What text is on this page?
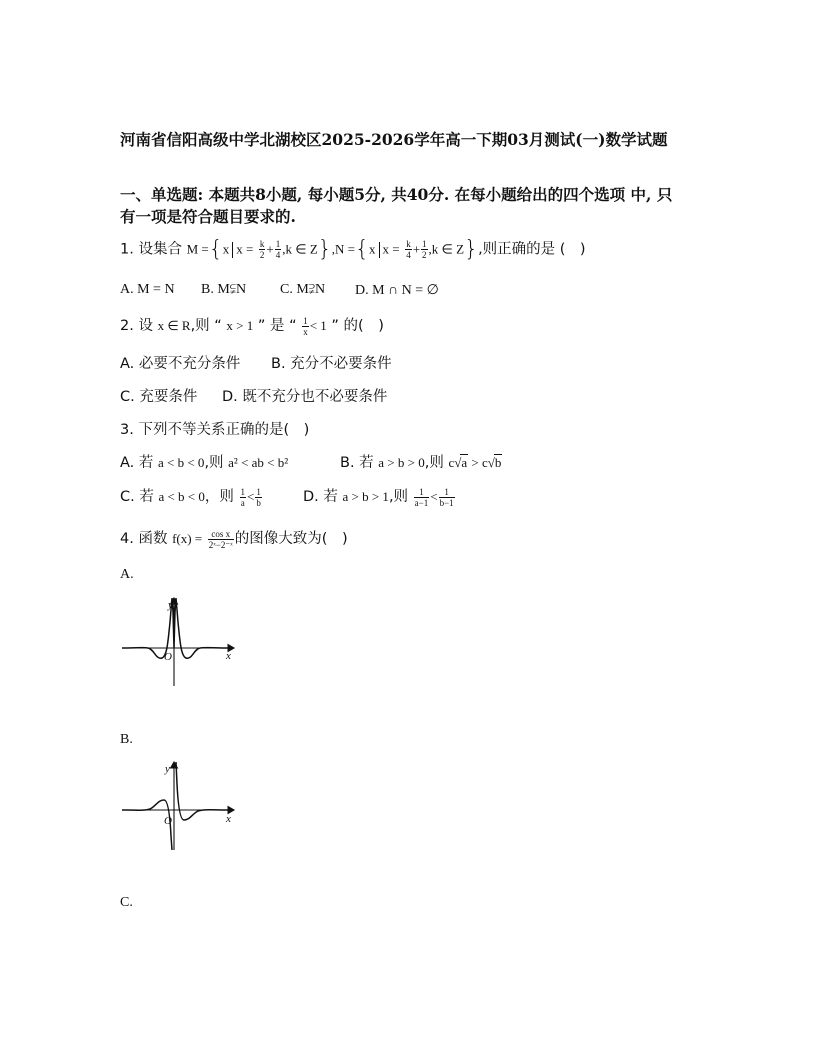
河南省信阳高级中学北湖校区2025-2026学年高一下期03月测试(一)数学试题
一、单选题: 本题共8小题, 每小题5分, 共40分. 在每小题给出的四个选项 中, 只
有一项是符合题目要求的.
1. 设集合 M ={x $x = \frac{k}{2} + \frac{1}{4} ,k$ ∈ Z},N ={x $x = \frac{k}{4} + \frac{1}{2} ,k$ ∈ Z},则正确的是 (　)
A. M = N B. M⫋N C. M⫌N D. M ∩ N = ∅
2. 设 x ∈ R,则 “ x > 1 ” 是 “ $\frac{1}{x} < 1$ ” 的(　)
A. 必要不充分条件 B. 充分不必要条件
C. 充要条件 D. 既不充分也不必要条件
3. 下列不等关系正确的是(　)
A. 若 a < b < 0,则 a² < ab < b²	B. 若 a > b > 0,则 c√a > c√b
C. 若 a < b < 0，则 $\frac{1}{a} < \frac{1}{b}$	D. 若 a > b > 1,则 $\frac{1}{a-1} < \frac{1}{b-1}$
4. 函数 $f(x) = \frac{\text{cos x}}{\text{2ˣ−2⁻ˣ}}$ 的图像大致为(　)
A.
y
x
O
B.
y
x
O
C.
